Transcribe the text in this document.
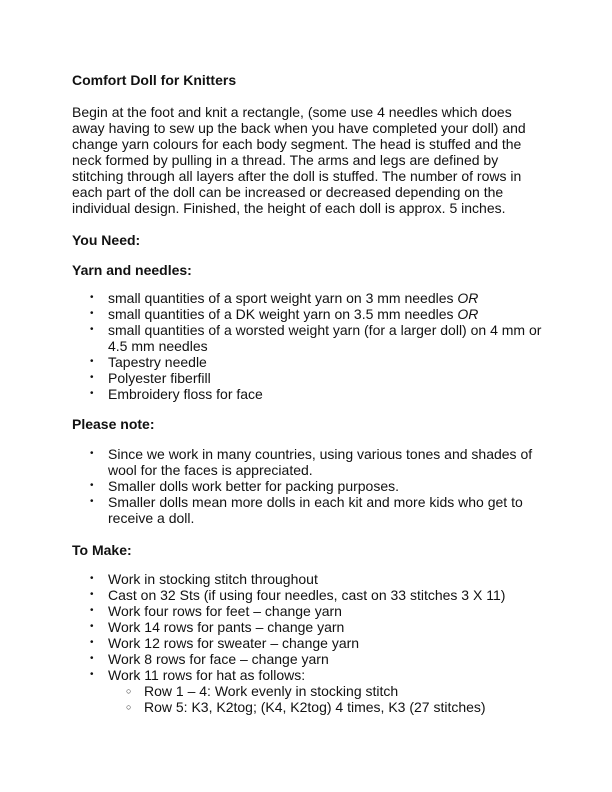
Comfort Doll for Knitters
Begin at the foot and knit a rectangle, (some use 4 needles which does away having to sew up the back when you have completed your doll) and change yarn colours for each body segment. The head is stuffed and the neck formed by pulling in a thread. The arms and legs are defined by stitching through all layers after the doll is stuffed. The number of rows in each part of the doll can be increased or decreased depending on the individual design. Finished, the height of each doll is approx. 5 inches.
You Need:
Yarn and needles:
• small quantities of a sport weight yarn on 3 mm needles OR
• small quantities of a DK weight yarn on 3.5 mm needles OR
• small quantities of a worsted weight yarn (for a larger doll) on 4 mm or 4.5 mm needles
• Tapestry needle
• Polyester fiberfill
• Embroidery floss for face
Please note:
• Since we work in many countries, using various tones and shades of wool for the faces is appreciated.
• Smaller dolls work better for packing purposes.
• Smaller dolls mean more dolls in each kit and more kids who get to receive a doll.
To Make:
• Work in stocking stitch throughout
• Cast on 32 Sts (if using four needles, cast on 33 stitches 3 X 11)
• Work four rows for feet – change yarn
• Work 14 rows for pants – change yarn
• Work 12 rows for sweater – change yarn
• Work 8 rows for face – change yarn
• Work 11 rows for hat as follows:
○ Row 1 – 4: Work evenly in stocking stitch
○ Row 5: K3, K2tog; (K4, K2tog) 4 times, K3 (27 stitches)
